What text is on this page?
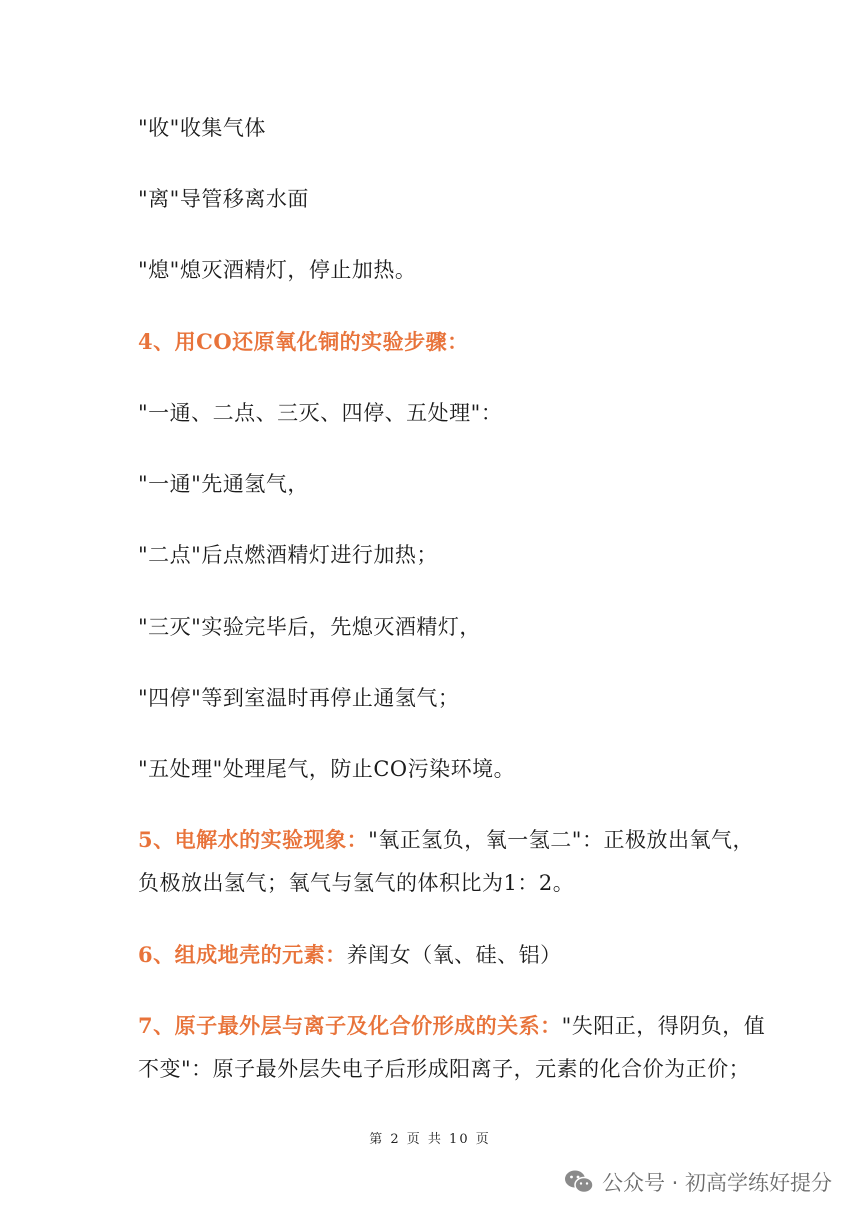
"收"收集气体
"离"导管移离水面
"熄"熄灭酒精灯，停止加热。
4、用CO还原氧化铜的实验步骤：
"一通、二点、三灭、四停、五处理"：
"一通"先通氢气，
"二点"后点燃酒精灯进行加热；
"三灭"实验完毕后，先熄灭酒精灯，
"四停"等到室温时再停止通氢气；
"五处理"处理尾气，防止CO污染环境。
5、电解水的实验现象："氧正氢负，氧一氢二"：正极放出氧气，
负极放出氢气；氧气与氢气的体积比为1：2。
6、组成地壳的元素：养闺女（氧、硅、铝）
7、原子最外层与离子及化合价形成的关系："失阳正，得阴负，值
不变"：原子最外层失电子后形成阳离子，元素的化合价为正价；
第 2 页 共 10 页
公众号 · 初高学练好提分
